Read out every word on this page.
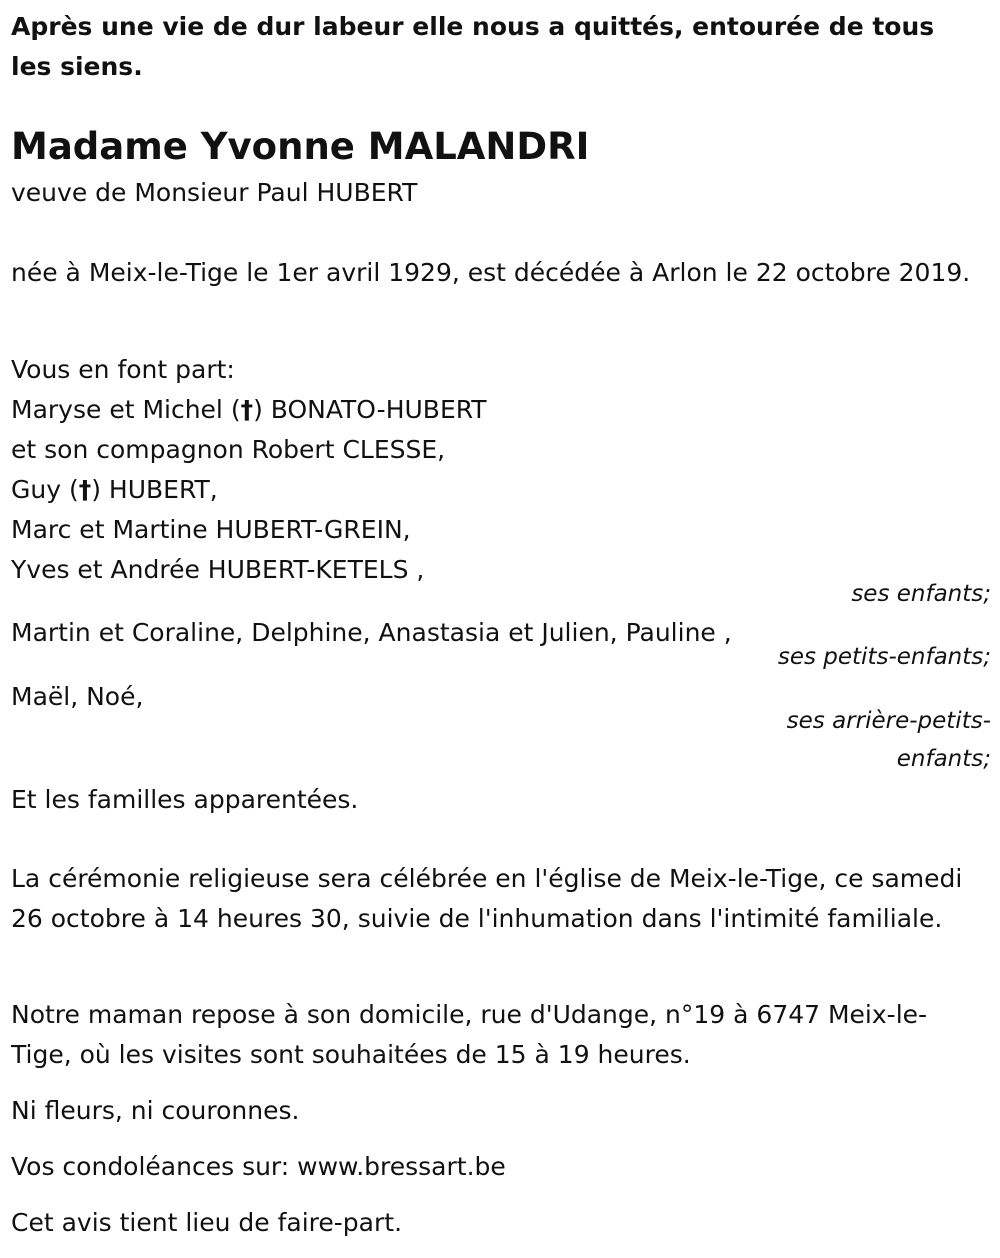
Après une vie de dur labeur elle nous a quittés, entourée de tous les siens.

Madame Yvonne MALANDRI

veuve de Monsieur Paul HUBERT

née à Meix-le-Tige le 1er avril 1929, est décédée à Arlon le 22 octobre 2019.

Vous en font part:

Maryse et Michel (†) BONATO-HUBERT

et son compagnon Robert CLESSE,

Guy (†) HUBERT,

Marc et Martine HUBERT-GREIN,

Yves et Andrée HUBERT-KETELS ,

ses enfants;

Martin et Coraline, Delphine, Anastasia et Julien, Pauline ,

ses petits-enfants;

Maël, Noé,

ses arrière-petits-

enfants;

Et les familles apparentées.

La cérémonie religieuse sera célébrée en l'église de Meix-le-Tige, ce samedi 26 octobre à 14 heures 30, suivie de l'inhumation dans l'intimité familiale.

Notre maman repose à son domicile, rue d'Udange, n°19 à 6747 Meix-le-Tige, où les visites sont souhaitées de 15 à 19 heures.

Ni fleurs, ni couronnes.

Vos condoléances sur: www.bressart.be

Cet avis tient lieu de faire-part.
